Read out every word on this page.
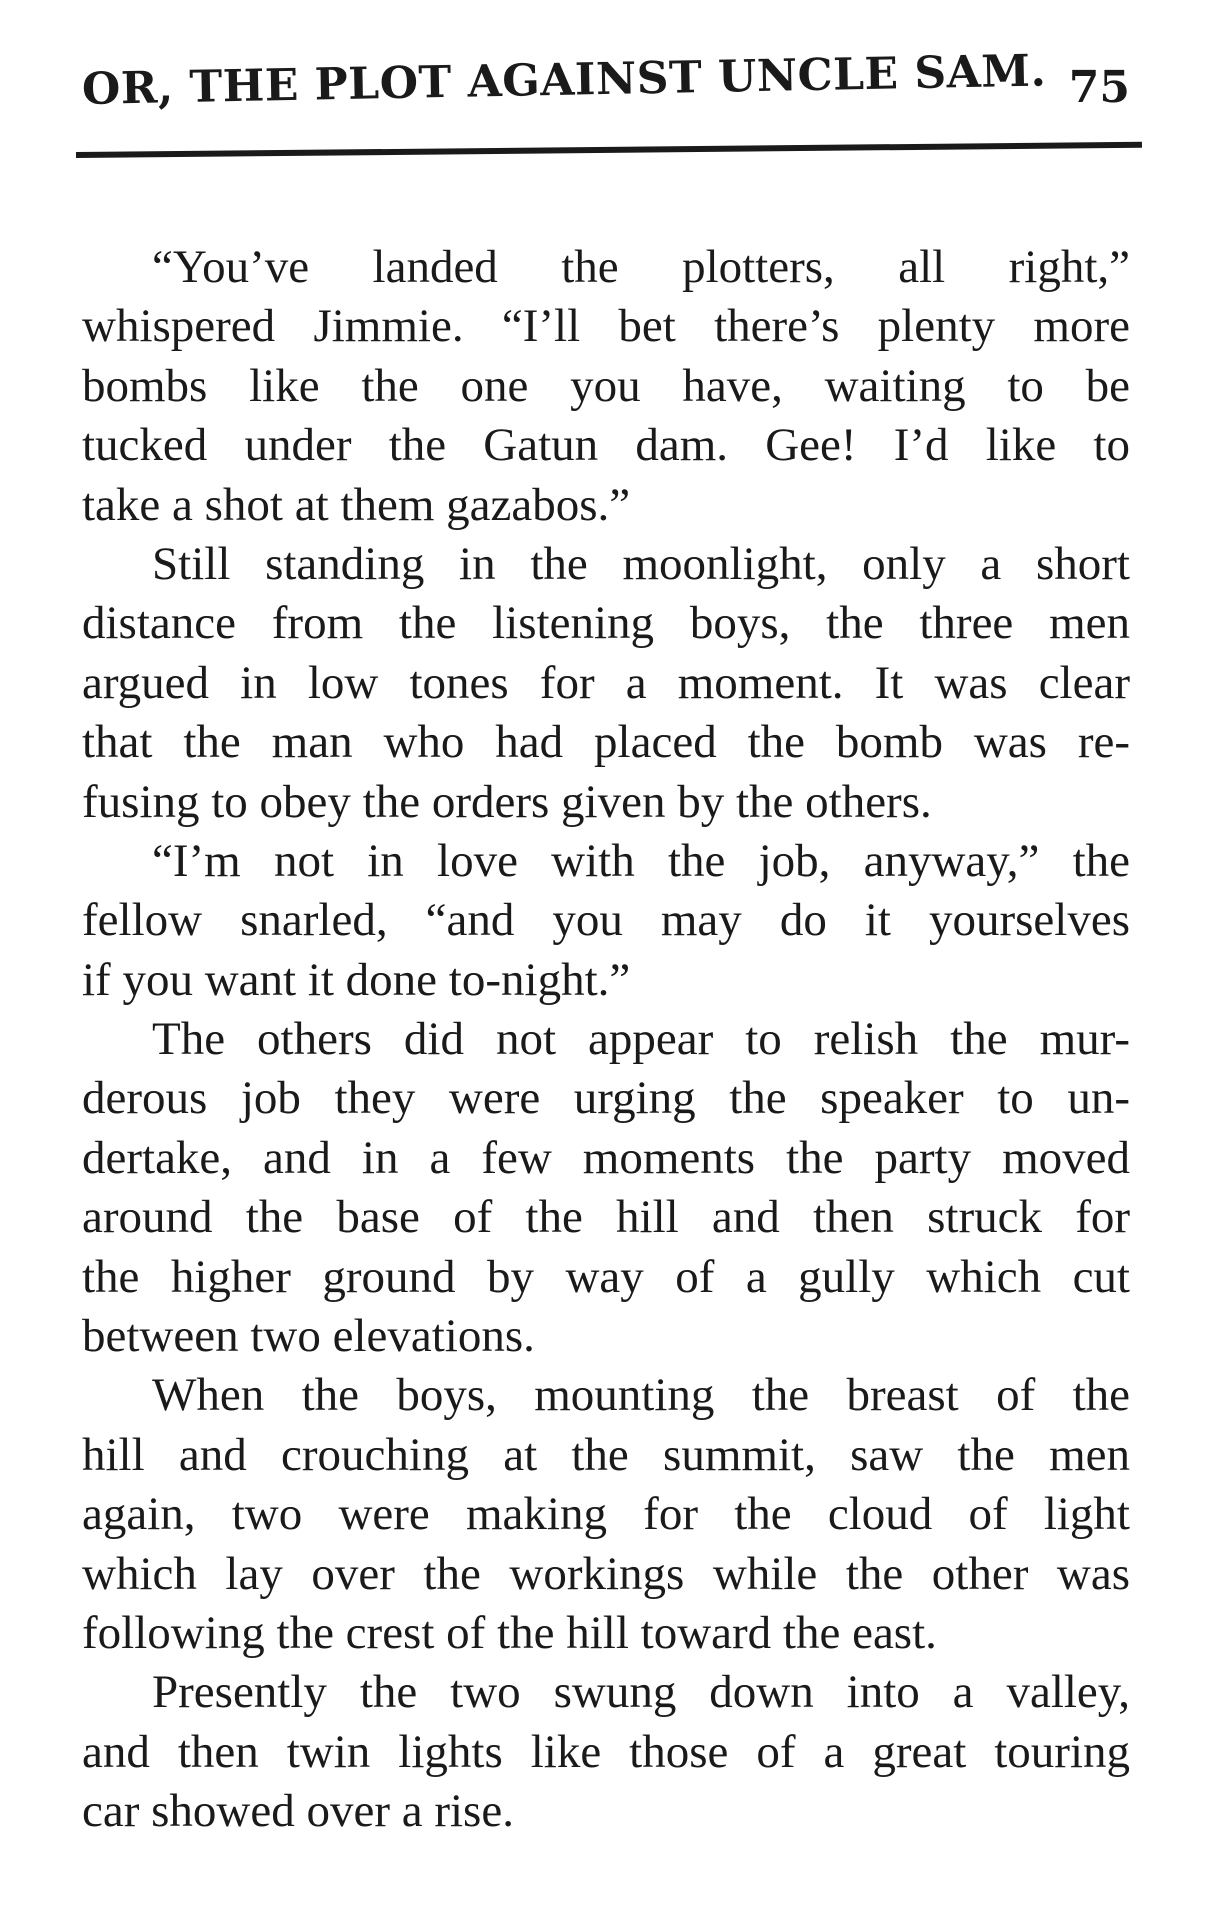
OR, THE PLOT AGAINST UNCLE SAM. 75
“You’ve landed the plotters, all right,”
whispered Jimmie. “I’ll bet there’s plenty more
bombs like the one you have, waiting to be
tucked under the Gatun dam. Gee! I’d like to
take a shot at them gazabos.”
Still standing in the moonlight, only a short
distance from the listening boys, the three men
argued in low tones for a moment. It was clear
that the man who had placed the bomb was re-
fusing to obey the orders given by the others.
“I’m not in love with the job, anyway,” the
fellow snarled, “and you may do it yourselves
if you want it done to-night.”
The others did not appear to relish the mur-
derous job they were urging the speaker to un-
dertake, and in a few moments the party moved
around the base of the hill and then struck for
the higher ground by way of a gully which cut
between two elevations.
When the boys, mounting the breast of the
hill and crouching at the summit, saw the men
again, two were making for the cloud of light
which lay over the workings while the other was
following the crest of the hill toward the east.
Presently the two swung down into a valley,
and then twin lights like those of a great touring
car showed over a rise.
